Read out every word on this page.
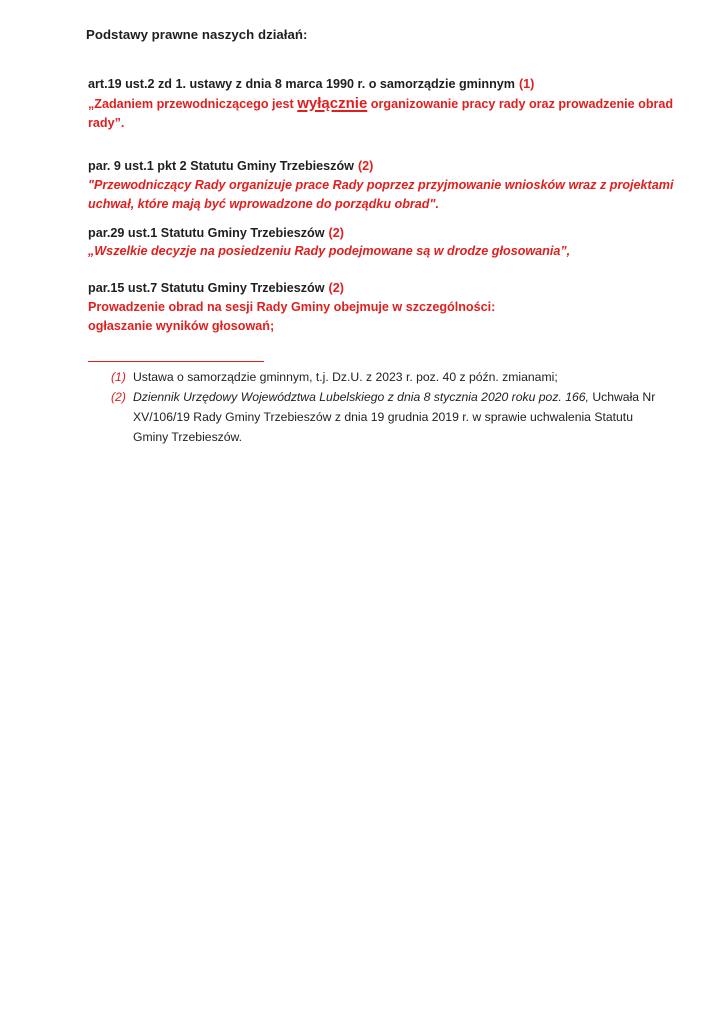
Podstawy prawne naszych działań:
art.19 ust.2 zd 1. ustawy z dnia 8 marca 1990 r. o samorządzie gminnym (1)
„Zadaniem przewodniczącego jest wyłącznie organizowanie pracy rady oraz prowadzenie obrad rady”.
par. 9 ust.1 pkt 2 Statutu Gminy Trzebieszów (2)
"Przewodniczący Rady organizuje prace Rady poprzez przyjmowanie wniosków wraz z projektami uchwał, które mają być wprowadzone do porządku obrad".
par.29 ust.1 Statutu Gminy Trzebieszów (2)
„Wszelkie decyzje na posiedzeniu Rady podejmowane są w drodze głosowania”,
par.15 ust.7 Statutu Gminy Trzebieszów (2)
Prowadzenie obrad na sesji Rady Gminy obejmuje w szczególności:
ogłaszanie wyników głosowań;
(1) Ustawa o samorządzie gminnym, t.j. Dz.U. z 2023 r. poz. 40 z późn. zmianami;
(2) Dziennik Urzędowy Województwa Lubelskiego z dnia 8 stycznia 2020 roku poz. 166, Uchwała Nr XV/106/19 Rady Gminy Trzebieszów z dnia 19 grudnia 2019 r. w sprawie uchwalenia Statutu Gminy Trzebieszów.
